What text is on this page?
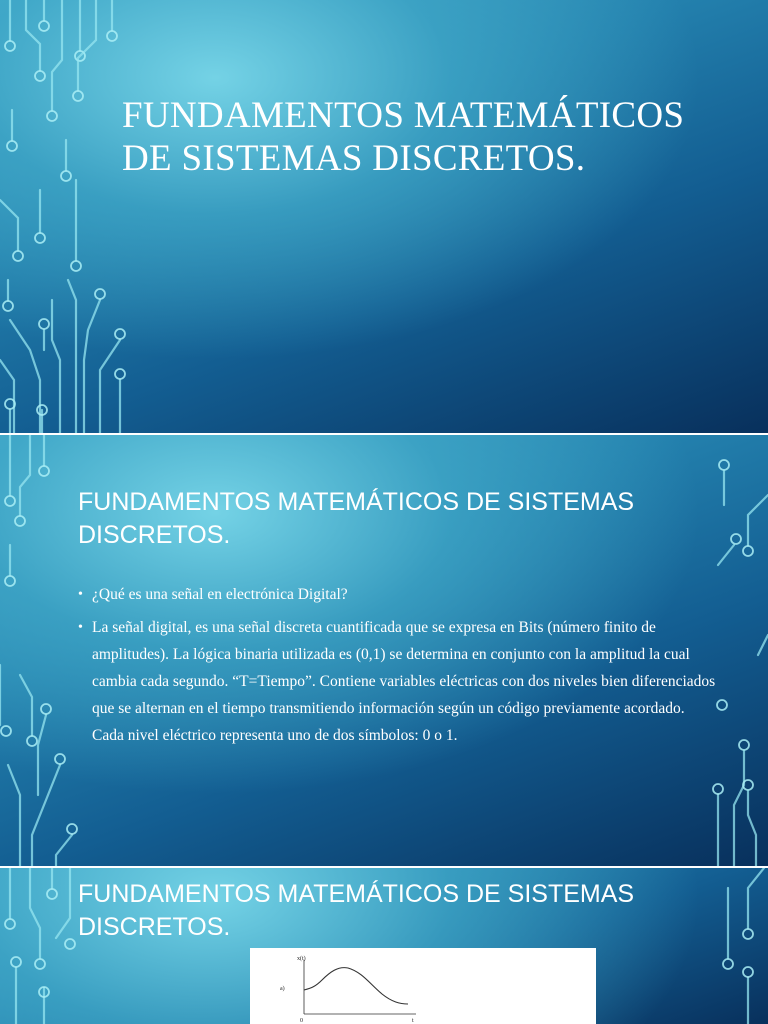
FUNDAMENTOS MATEMÁTICOS DE SISTEMAS DISCRETOS.
FUNDAMENTOS MATEMÁTICOS DE SISTEMAS DISCRETOS.
• ¿Qué es una señal en electrónica Digital?
• La señal digital, es una señal discreta cuantificada que se expresa en Bits (número finito de amplitudes). La lógica binaria utilizada es (0,1) se determina en conjunto con la amplitud la cual cambia cada segundo. “T=Tiempo”. Contiene variables eléctricas con dos niveles bien diferenciados que se alternan en el tiempo transmitiendo información según un código previamente acordado. Cada nivel eléctrico representa uno de dos símbolos: 0 o 1.
FUNDAMENTOS MATEMÁTICOS DE SISTEMAS DISCRETOS.
x(t)
a)
0	t
